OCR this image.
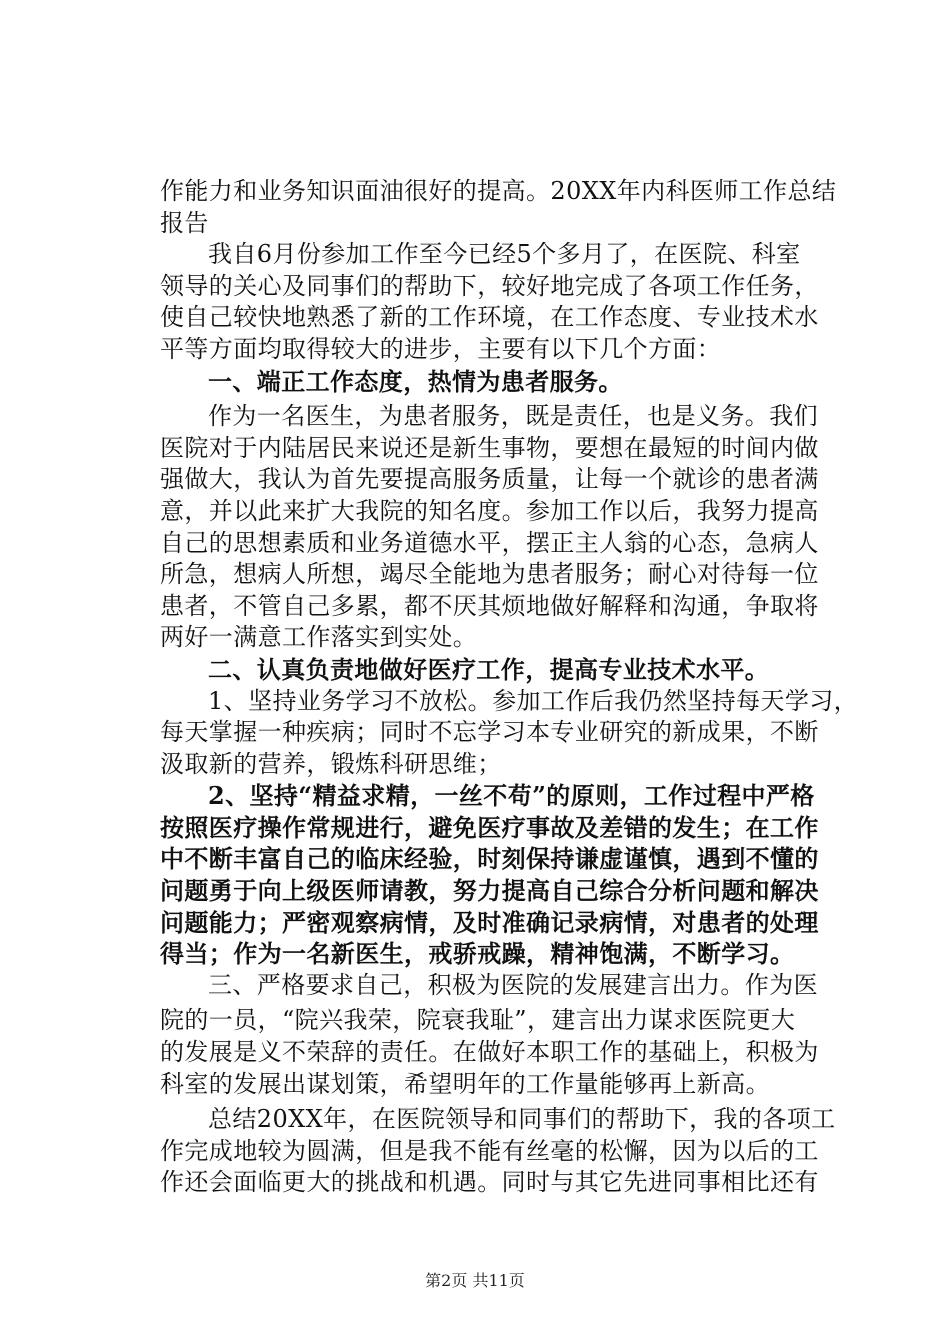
作能力和业务知识面油很好的提高。20XX年内科医师工作总结
报告
我自6月份参加工作至今已经5个多月了，在医院、科室
领导的关心及同事们的帮助下，较好地完成了各项工作任务，
使自己较快地熟悉了新的工作环境，在工作态度、专业技术水
平等方面均取得较大的进步，主要有以下几个方面：
一、端正工作态度，热情为患者服务。
作为一名医生，为患者服务，既是责任，也是义务。我们
医院对于内陆居民来说还是新生事物，要想在最短的时间内做
强做大，我认为首先要提高服务质量，让每一个就诊的患者满
意，并以此来扩大我院的知名度。参加工作以后，我努力提高
自己的思想素质和业务道德水平，摆正主人翁的心态，急病人
所急，想病人所想，竭尽全能地为患者服务；耐心对待每一位
患者，不管自己多累，都不厌其烦地做好解释和沟通，争取将
两好一满意工作落实到实处。
二、认真负责地做好医疗工作，提高专业技术水平。
1、坚持业务学习不放松。参加工作后我仍然坚持每天学习，
每天掌握一种疾病；同时不忘学习本专业研究的新成果，不断
汲取新的营养，锻炼科研思维；
2、坚持“精益求精，一丝不苟”的原则，工作过程中严格
按照医疗操作常规进行，避免医疗事故及差错的发生；在工作
中不断丰富自己的临床经验，时刻保持谦虚谨慎，遇到不懂的
问题勇于向上级医师请教，努力提高自己综合分析问题和解决
问题能力；严密观察病情，及时准确记录病情，对患者的处理
得当；作为一名新医生，戒骄戒躁，精神饱满，不断学习。
三、严格要求自己，积极为医院的发展建言出力。作为医
院的一员，“院兴我荣，院衰我耻”，建言出力谋求医院更大
的发展是义不荣辞的责任。在做好本职工作的基础上，积极为
科室的发展出谋划策，希望明年的工作量能够再上新高。
总结20XX年，在医院领导和同事们的帮助下，我的各项工
作完成地较为圆满，但是我不能有丝毫的松懈，因为以后的工
作还会面临更大的挑战和机遇。同时与其它先进同事相比还有
第2页 共11页
